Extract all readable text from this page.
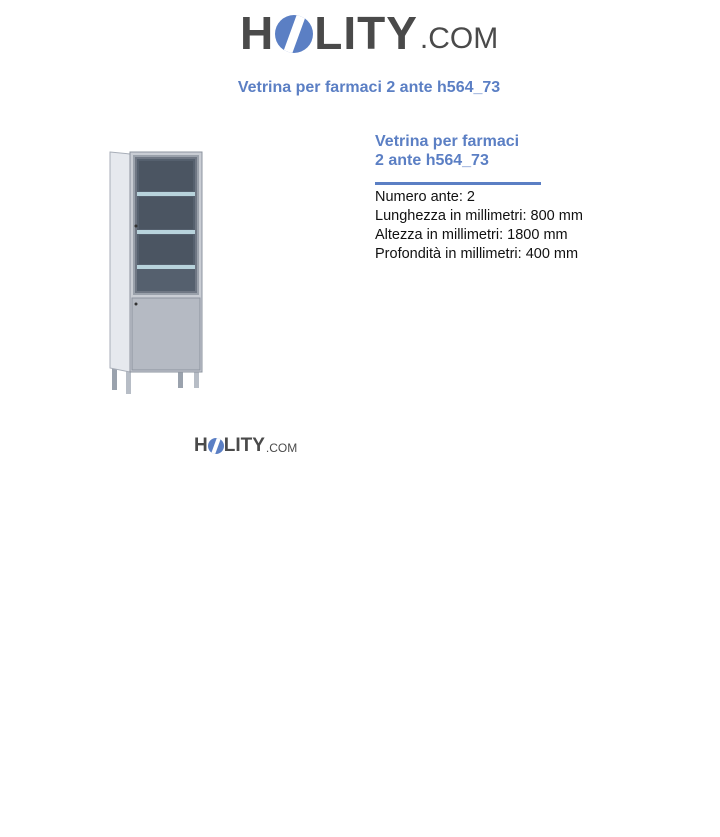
H LITY .COM
Vetrina per farmaci 2 ante h564_73
H LITY .COM
Vetrina per farmaci
2 ante h564_73
Numero ante: 2
Lunghezza in millimetri: 800 mm
Altezza in millimetri: 1800 mm
Profondità in millimetri: 400 mm
